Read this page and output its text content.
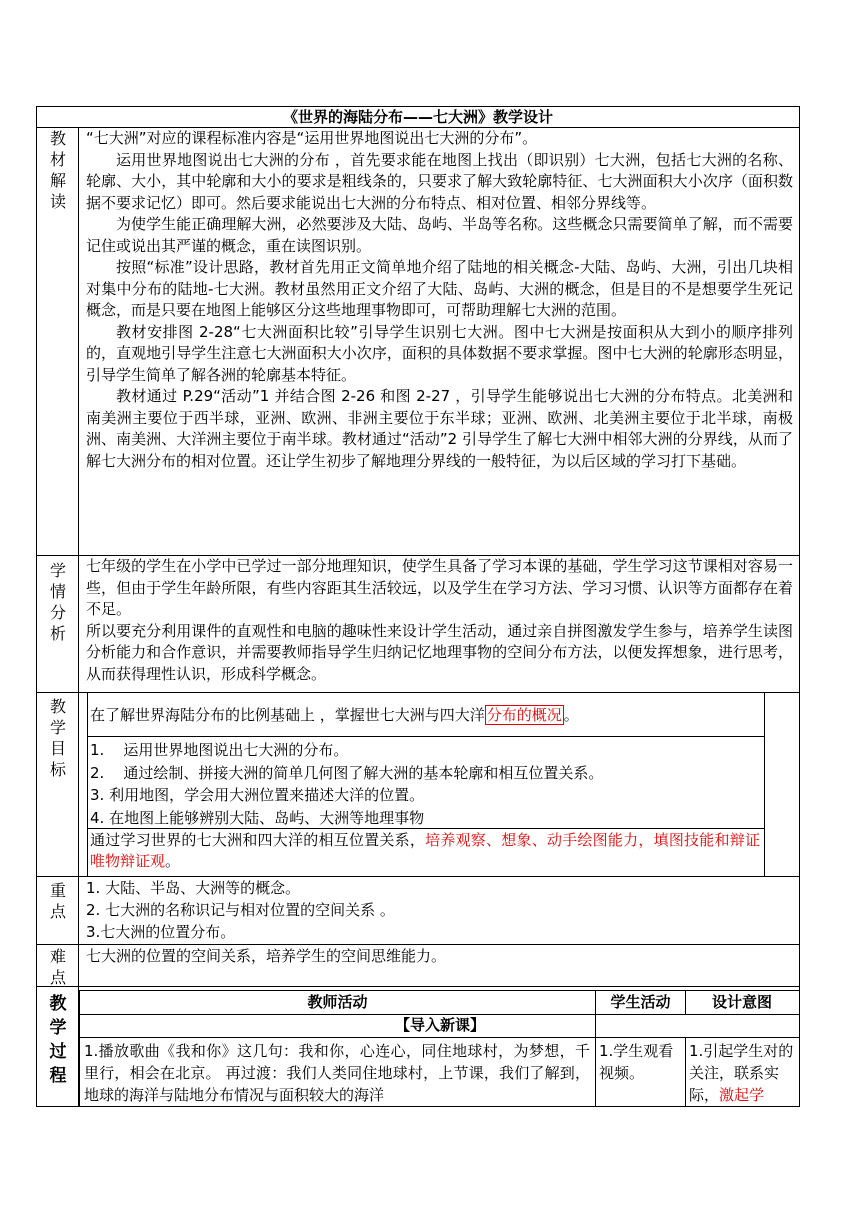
《世界的海陆分布——七大洲》教学设计
教
材
解
读

“七大洲”对应的课程标准内容是“运用世界地图说出七大洲的分布”。

运用世界地图说出七大洲的分布 ，首先要求能在地图上找出（即识别）七大洲，包括七大洲的名称、轮廓、大小，其中轮廓和大小的要求是粗线条的，只要求了解大致轮廓特征、七大洲面积大小次序（面积数据不要求记忆）即可。然后要求能说出七大洲的分布特点、相对位置、相邻分界线等。

为使学生能正确理解大洲，必然要涉及大陆、岛屿、半岛等名称。这些概念只需要简单了解，而不需要记住或说出其严谨的概念，重在读图识别。

按照“标准”设计思路，教材首先用正文简单地介绍了陆地的相关概念-大陆、岛屿、大洲，引出几块相对集中分布的陆地-七大洲。教材虽然用正文介绍了大陆、岛屿、大洲的概念，但是目的不是想要学生死记概念，而是只要在地图上能够区分这些地理事物即可，可帮助理解七大洲的范围。

教材安排图 2-28“七大洲面积比较”引导学生识别七大洲。图中七大洲是按面积从大到小的顺序排列的，直观地引导学生注意七大洲面积大小次序，面积的具体数据不要求掌握。图中七大洲的轮廓形态明显，引导学生简单了解各洲的轮廓基本特征。

教材通过 P.29“活动”1 并结合图 2-26 和图 2-27 ，引导学生能够说出七大洲的分布特点。北美洲和南美洲主要位于西半球，亚洲、欧洲、非洲主要位于东半球；亚洲、欧洲、北美洲主要位于北半球，南极洲、南美洲、大洋洲主要位于南半球。教材通过“活动”2 引导学生了解七大洲中相邻大洲的分界线，从而了解七大洲分布的相对位置。还让学生初步了解地理分界线的一般特征，为以后区域的学习打下基础。

学
情
分
析

七年级的学生在小学中已学过一部分地理知识，使学生具备了学习本课的基础，学生学习这节课相对容易一些，但由于学生年龄所限，有些内容距其生活较远，以及学生在学习方法、学习习惯、认识等方面都存在着不足。

所以要充分利用课件的直观性和电脑的趣味性来设计学生活动，通过亲自拼图激发学生参与，培养学生读图分析能力和合作意识，并需要教师指导学生归纳记忆地理事物的空间分布方法，以便发挥想象，进行思考，从而获得理性认识，形成科学概念。

教
学
目
标
在了解世界海陆分布的比例基础上 ，掌握世七大洲与四大洋 分布的概况 。
1.    运用世界地图说出七大洲的分布。
2.    通过绘制、拼接大洲的简单几何图了解大洲的基本轮廓和相互位置关系。
3. 利用地图，学会用大洲位置来描述大洋的位置。
4. 在地图上能够辨别大陆、岛屿、大洲等地理事物
通过学习世界的七大洲和四大洋的相互位置关系，培养观察、想象、动手绘图能力，填图技能和辩证唯物辩证观。
重
点
1. 大陆、半岛、大洲等的概念。
2. 七大洲的名称识记与相对位置的空间关系 。
3.七大洲的位置分布。
难
点
七大洲的位置的空间关系，培养学生的空间思维能力。
教
学
过
程
教师活动	学生活动	设计意图
【导入新课】
1.播放歌曲《我和你》这几句：我和你，心连心，同住地球村，为梦想，千里行，相会在北京。 再过渡：我们人类同住地球村，上节课，我们了解到，地球的海洋与陆地分布情况与面积较大的海洋
1.学生观看视频。
1.引起学生对的关注，联系实际，激起学
